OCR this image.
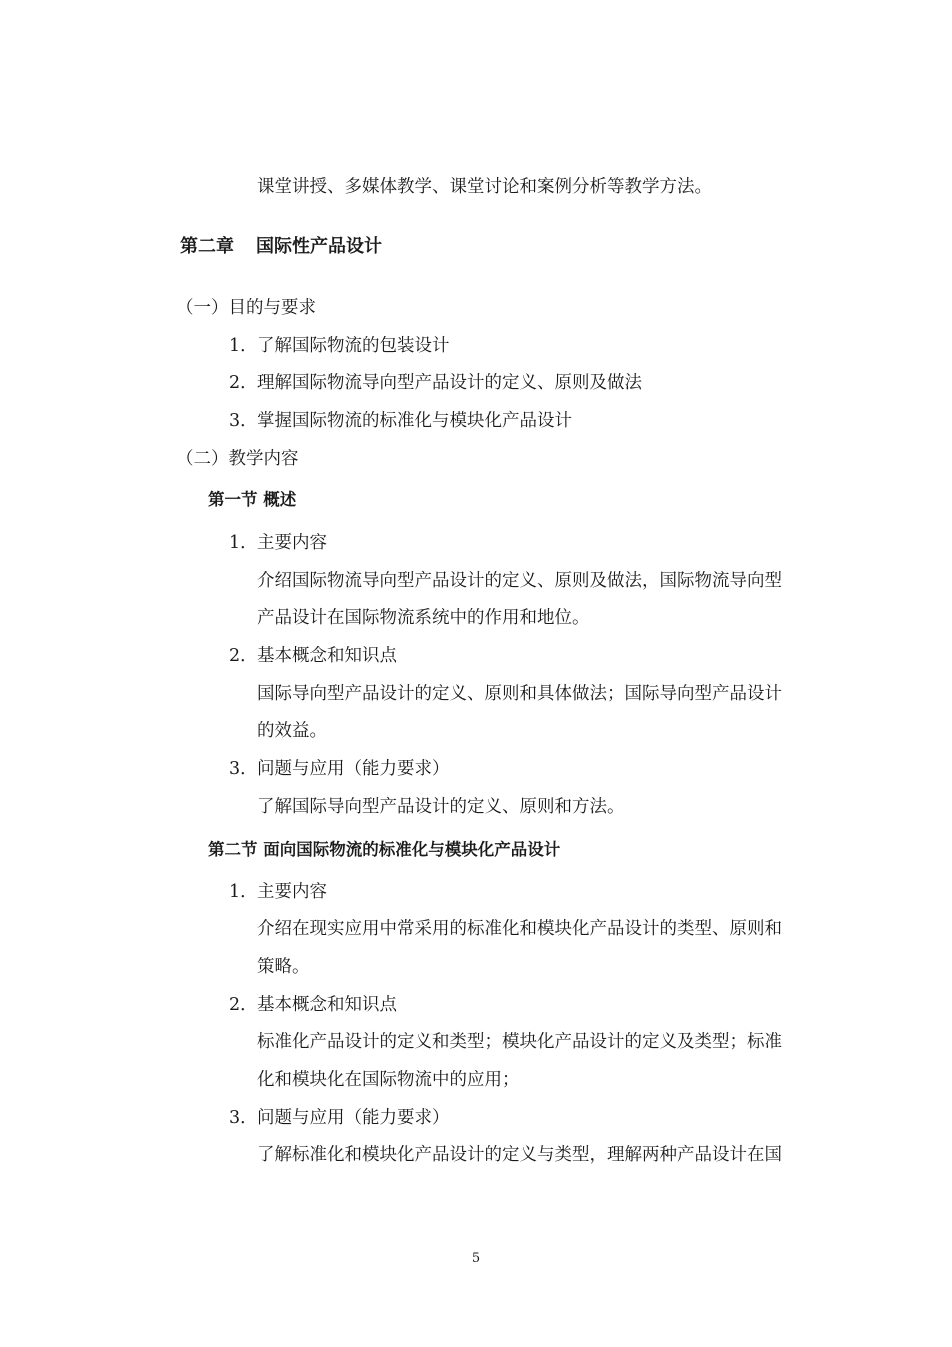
课堂讲授、多媒体教学、课堂讨论和案例分析等教学方法。
第二章 国际性产品设计
（一）目的与要求
1．了解国际物流的包装设计
2．理解国际物流导向型产品设计的定义、原则及做法
3．掌握国际物流的标准化与模块化产品设计
（二）教学内容
第一节 概述
1．主要内容
介绍国际物流导向型产品设计的定义、原则及做法，国际物流导向型
产品设计在国际物流系统中的作用和地位。
2．基本概念和知识点
国际导向型产品设计的定义、原则和具体做法；国际导向型产品设计
的效益。
3．问题与应用（能力要求）
了解国际导向型产品设计的定义、原则和方法。
第二节 面向国际物流的标准化与模块化产品设计
1．主要内容
介绍在现实应用中常采用的标准化和模块化产品设计的类型、原则和
策略。
2．基本概念和知识点
标准化产品设计的定义和类型；模块化产品设计的定义及类型；标准
化和模块化在国际物流中的应用；
3．问题与应用（能力要求）
了解标准化和模块化产品设计的定义与类型，理解两种产品设计在国
5
